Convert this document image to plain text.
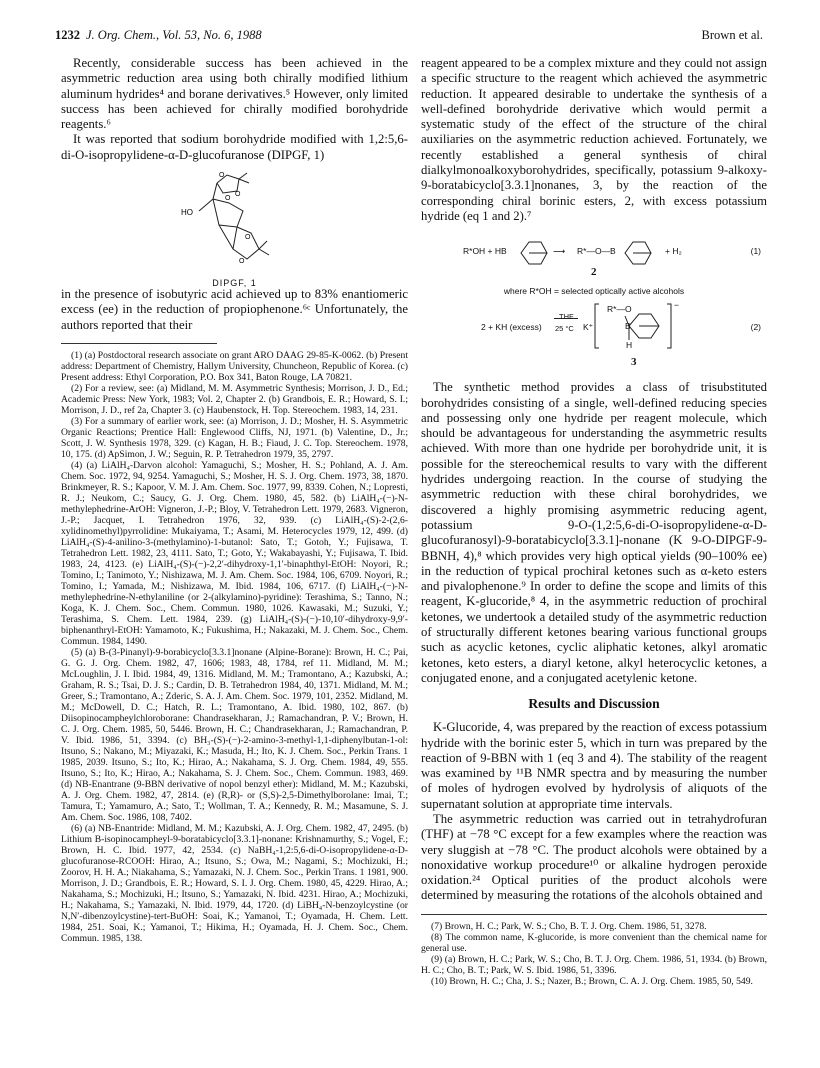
1232 J. Org. Chem., Vol. 53, No. 6, 1988	Brown et al.

Recently, considerable success has been achieved in the asymmetric reduction area using both chirally modified lithium aluminum hydrides⁴ and borane derivatives.⁵ However, only limited success has been achieved for chirally modified borohydride reagents.⁶

It was reported that sodium borohydride modified with 1,2:5,6-di-O-isopropylidene-α-D-glucofuranose (DIPGF, 1)

O
O
O
O
O
HO
DIPGF, 1

in the presence of isobutyric acid achieved up to 83% enantiomeric excess (ee) in the reduction of propiophenone.⁶ᶜ Unfortunately, the authors reported that their

(1) (a) Postdoctoral research associate on grant ARO DAAG 29-85-K-0062. (b) Present address: Department of Chemistry, Hallym University, Chuncheon, Republic of Korea. (c) Present address: Ethyl Corporation, P.O. Box 341, Baton Rouge, LA 70821.

(2) For a review, see: (a) Midland, M. M. Asymmetric Synthesis; Morrison, J. D., Ed.; Academic Press: New York, 1983; Vol. 2, Chapter 2. (b) Grandbois, E. R.; Howard, S. I.; Morrison, J. D., ref 2a, Chapter 3. (c) Haubenstock, H. Top. Stereochem. 1983, 14, 231.

(3) For a summary of earlier work, see: (a) Morrison, J. D.; Mosher, H. S. Asymmetric Organic Reactions; Prentice Hall: Englewood Cliffs, NJ, 1971. (b) Valentine, D., Jr.; Scott, J. W. Synthesis 1978, 329. (c) Kagan, H. B.; Fiaud, J. C. Top. Stereochem. 1978, 10, 175. (d) ApSimon, J. W.; Seguin, R. P. Tetrahedron 1979, 35, 2797.

(4) (a) LiAlH₄-Darvon alcohol: Yamaguchi, S.; Mosher, H. S.; Pohland, A. J. Am. Chem. Soc. 1972, 94, 9254. Yamaguchi, S.; Mosher, H. S. J. Org. Chem. 1973, 38, 1870. Brinkmeyer, R. S.; Kapoor, V. M. J. Am. Chem. Soc. 1977, 99, 8339. Cohen, N.; Lopresti, R. J.; Neukom, C.; Saucy, G. J. Org. Chem. 1980, 45, 582. (b) LiAlH₄-(−)-N-methylephedrine-ArOH: Vigneron, J.-P.; Bloy, V. Tetrahedron Lett. 1979, 2683. Vigneron, J.-P.; Jacquet, I. Tetrahedron 1976, 32, 939. (c) LiAlH₄-(S)-2-(2,6-xylidinomethyl)pyrrolidine: Mukaiyama, T.; Asami, M. Heterocycles 1979, 12, 499. (d) LiAlH₄-(S)-4-anilino-3-(methylamino)-1-butanol: Sato, T.; Gotoh, Y.; Fujisawa, T. Tetrahedron Lett. 1982, 23, 4111. Sato, T.; Goto, Y.; Wakabayashi, Y.; Fujisawa, T. Ibid. 1983, 24, 4123. (e) LiAlH₄-(S)-(−)-2,2′-dihydroxy-1,1′-binaphthyl-EtOH: Noyori, R.; Tomino, I.; Tanimoto, Y.; Nishizawa, M. J. Am. Chem. Soc. 1984, 106, 6709. Noyori, R.; Tomino, I.; Yamada, M.; Nishizawa, M. Ibid. 1984, 106, 6717. (f) LiAlH₄-(−)-N-methylephedrine-N-ethylaniline (or 2-(alkylamino)-pyridine): Terashima, S.; Tanno, N.; Koga, K. J. Chem. Soc., Chem. Commun. 1980, 1026. Kawasaki, M.; Suzuki, Y.; Terashima, S. Chem. Lett. 1984, 239. (g) LiAlH₄-(S)-(−)-10,10′-dihydroxy-9,9′-biphenanthryl-EtOH: Yamamoto, K.; Fukushima, H.; Nakazaki, M. J. Chem. Soc., Chem. Commun. 1984, 1490.

(5) (a) B-(3-Pinanyl)-9-borabicyclo[3.3.1]nonane (Alpine-Borane): Brown, H. C.; Pai, G. G. J. Org. Chem. 1982, 47, 1606; 1983, 48, 1784, ref 11. Midland, M. M.; McLoughlin, J. I. Ibid. 1984, 49, 1316. Midland, M. M.; Tramontano, A.; Kazubski, A.; Graham, R. S.; Tsai, D. J. S.; Cardin, D. B. Tetrahedron 1984, 40, 1371. Midland, M. M.; Greer, S.; Tramontano, A.; Zderic, S. A. J. Am. Chem. Soc. 1979, 101, 2352. Midland, M. M.; McDowell, D. C.; Hatch, R. L.; Tramontano, A. Ibid. 1980, 102, 867. (b) Diisopinocampheylchloroborane: Chandrasekharan, J.; Ramachandran, P. V.; Brown, H. C. J. Org. Chem. 1985, 50, 5446. Brown, H. C.; Chandrasekharan, J.; Ramachandran, P. V. Ibid. 1986, 51, 3394. (c) BH₃-(S)-(−)-2-amino-3-methyl-1,1-diphenylbutan-1-ol: Itsuno, S.; Nakano, M.; Miyazaki, K.; Masuda, H.; Ito, K. J. Chem. Soc., Perkin Trans. 1 1985, 2039. Itsuno, S.; Ito, K.; Hirao, A.; Nakahama, S. J. Org. Chem. 1984, 49, 555. Itsuno, S.; Ito, K.; Hirao, A.; Nakahama, S. J. Chem. Soc., Chem. Commun. 1983, 469. (d) NB-Enantrane (9-BBN derivative of nopol benzyl ether): Midland, M. M.; Kazubski, A. J. Org. Chem. 1982, 47, 2814. (e) (R,R)- or (S,S)-2,5-Dimethylborolane: Imai, T.; Tamura, T.; Yamamuro, A.; Sato, T.; Wollman, T. A.; Kennedy, R. M.; Masamune, S. J. Am. Chem. Soc. 1986, 108, 7402.

(6) (a) NB-Enantride: Midland, M. M.; Kazubski, A. J. Org. Chem. 1982, 47, 2495. (b) Lithium B-isopinocampheyl-9-boratabicyclo[3.3.1]-nonane: Krishnamurthy, S.; Vogel, F.; Brown, H. C. Ibid. 1977, 42, 2534. (c) NaBH₄-1,2:5,6-di-O-isopropylidene-α-D-glucofuranose-RCOOH: Hirao, A.; Itsuno, S.; Owa, M.; Nagami, S.; Mochizuki, H.; Zoorov, H. H. A.; Niakahama, S.; Yamazaki, N. J. Chem. Soc., Perkin Trans. 1 1981, 900. Morrison, J. D.; Grandbois, E. R.; Howard, S. I. J. Org. Chem. 1980, 45, 4229. Hirao, A.; Nakahama, S.; Mochizuki, H.; Itsuno, S.; Yamazaki, N. Ibid. 4231. Hirao, A.; Mochizuki, H.; Nakahama, S.; Yamazaki, N. Ibid. 1979, 44, 1720. (d) LiBH₄-N-benzoylcystine (or N,N′-dibenzoylcystine)-tert-BuOH: Soai, K.; Yamanoi, T.; Oyamada, H. Chem. Lett. 1984, 251. Soai, K.; Yamanoi, T.; Hikima, H.; Oyamada, H. J. Chem. Soc., Chem. Commun. 1985, 138.

reagent appeared to be a complex mixture and they could not assign a specific structure to the reagent which achieved the asymmetric reduction. It appeared desirable to undertake the synthesis of a well-defined borohydride derivative which would permit a systematic study of the effect of the structure of the chiral auxiliaries on the asymmetric reduction achieved. Fortunately, we recently established a general synthesis of chiral dialkylmonoalkoxyborohydrides, specifically, potassium 9-alkoxy-9-boratabicyclo[3.3.1]nonanes, 3, by the reaction of the corresponding chiral borinic esters, 2, with excess potassium hydride (eq 1 and 2).⁷

R*OH + HB	⟶ R*—O—B	+ H₂	(1)
2
where R*OH = selected optically active alcohols
2 + KH (excess)
THF
25 °C K⁺
R*—O
B
H
−
(2)
3

The synthetic method provides a class of trisubstituted borohydrides consisting of a single, well-defined reducing species and possessing only one hydride per reagent molecule, which should be advantageous for understanding the asymmetric results achieved. With more than one hydride per borohydride unit, it is possible for the stereochemical results to vary with the different hydrides undergoing reaction. In the course of studying the asymmetric reduction with these chiral borohydrides, we discovered a highly promising asymmetric reducing agent, potassium 9-O-(1,2:5,6-di-O-isopropylidene-α-D-glucofuranosyl)-9-boratabicyclo[3.3.1]-nonane (K 9-O-DIPGF-9-BBNH, 4),⁸ which provides very high optical yields (90–100% ee) in the reduction of typical prochiral ketones such as α-keto esters and pivalophenone.⁹ In order to define the scope and limits of this reagent, K-glucoride,⁸ 4, in the asymmetric reduction of prochiral ketones, we undertook a detailed study of the asymmetric reduction of structurally different ketones bearing various functional groups such as acyclic ketones, cyclic aliphatic ketones, alkyl aromatic ketones, keto esters, a diaryl ketone, alkyl heterocyclic ketones, a conjugated enone, and a conjugated acetylenic ketone.

Results and Discussion

K-Glucoride, 4, was prepared by the reaction of excess potassium hydride with the borinic ester 5, which in turn was prepared by the reaction of 9-BBN with 1 (eq 3 and 4). The stability of the reagent was examined by ¹¹B NMR spectra and by measuring the number of moles of hydrogen evolved by hydrolysis of aliquots of the supernatant solution at appropriate time intervals.

The asymmetric reduction was carried out in tetrahydrofuran (THF) at −78 °C except for a few examples where the reaction was very sluggish at −78 °C. The product alcohols were obtained by a nonoxidative workup procedure¹⁰ or alkaline hydrogen peroxide oxidation.²⁴ Optical purities of the product alcohols were determined by measuring the rotations of the alcohols obtained and

(7) Brown, H. C.; Park, W. S.; Cho, B. T. J. Org. Chem. 1986, 51, 3278.

(8) The common name, K-glucoride, is more convenient than the chemical name for general use.

(9) (a) Brown, H. C.; Park, W. S.; Cho, B. T. J. Org. Chem. 1986, 51, 1934. (b) Brown, H. C.; Cho, B. T.; Park, W. S. Ibid. 1986, 51, 3396.

(10) Brown, H. C.; Cha, J. S.; Nazer, B.; Brown, C. A. J. Org. Chem. 1985, 50, 549.
